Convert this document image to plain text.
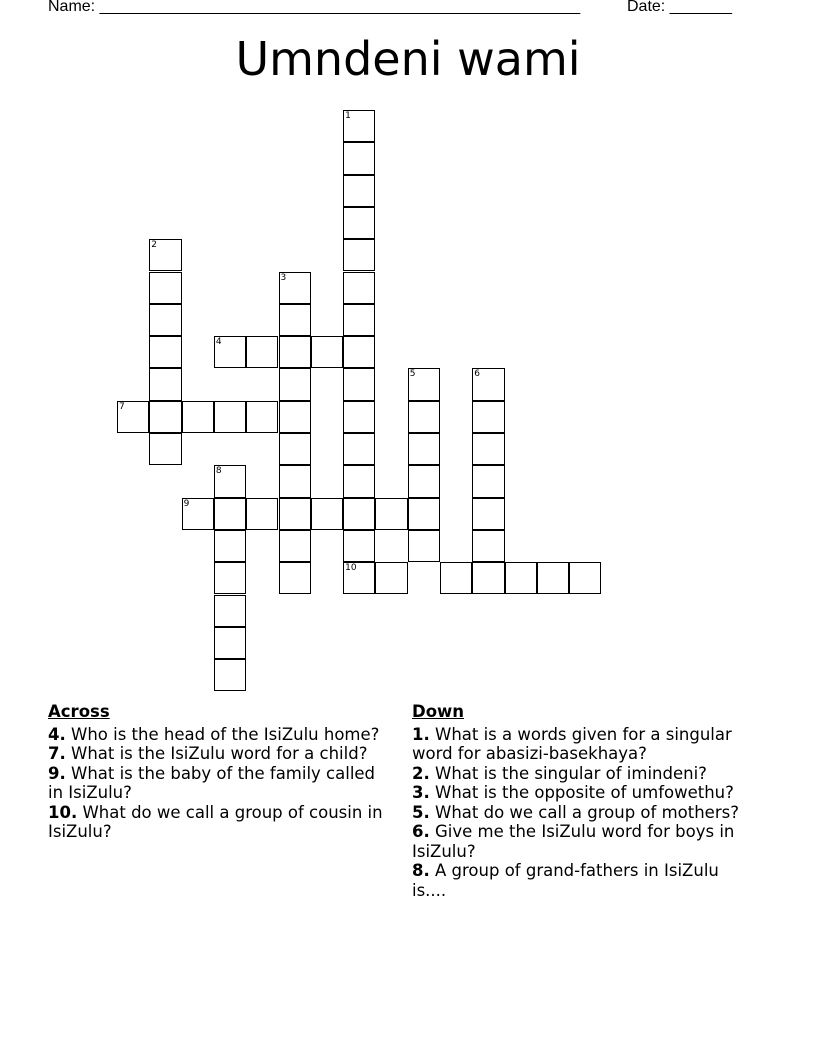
Name: ______________________________________________________	Date: _______
Umndeni wami
1
10
2
3
4
5	6
7
8
9
Across
4. Who is the head of the IsiZulu home?
7. What is the IsiZulu word for a child?
9. What is the baby of the family called in IsiZulu?
10. What do we call a group of cousin in IsiZulu?
Down
1. What is a words given for a singular word for abasizi-basekhaya?
2. What is the singular of imindeni?
3. What is the opposite of umfowethu?
5. What do we call a group of mothers?
6. Give me the IsiZulu word for boys in IsiZulu?
8. A group of grand-fathers in IsiZulu is....
